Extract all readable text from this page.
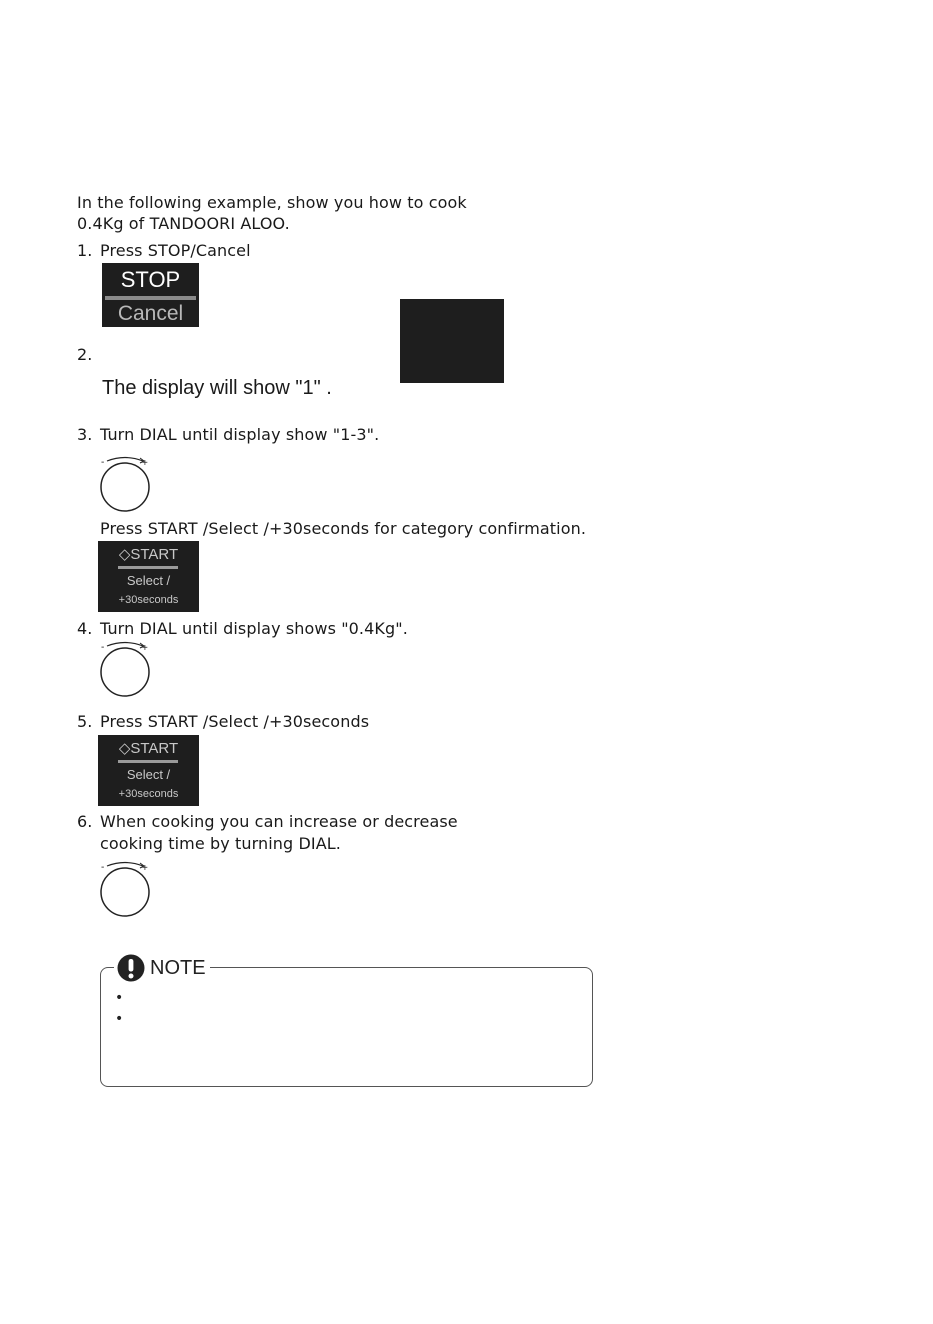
In the following example, show you how to cook
0.4Kg of TANDOORI ALOO.
1. Press STOP/Cancel
STOP
Cancel
2.
The display will show "1" .
3. Turn DIAL until display show "1-3".
-	+
Press START /Select /+30seconds for category confirmation.
◇START
Select /
+30seconds
4. Turn DIAL until display shows "0.4Kg".
-	+
5. Press START /Select /+30seconds
◇START
Select /
+30seconds
6. When cooking you can increase or decrease
cooking time by turning DIAL.
-	+
NOTE
•
•
